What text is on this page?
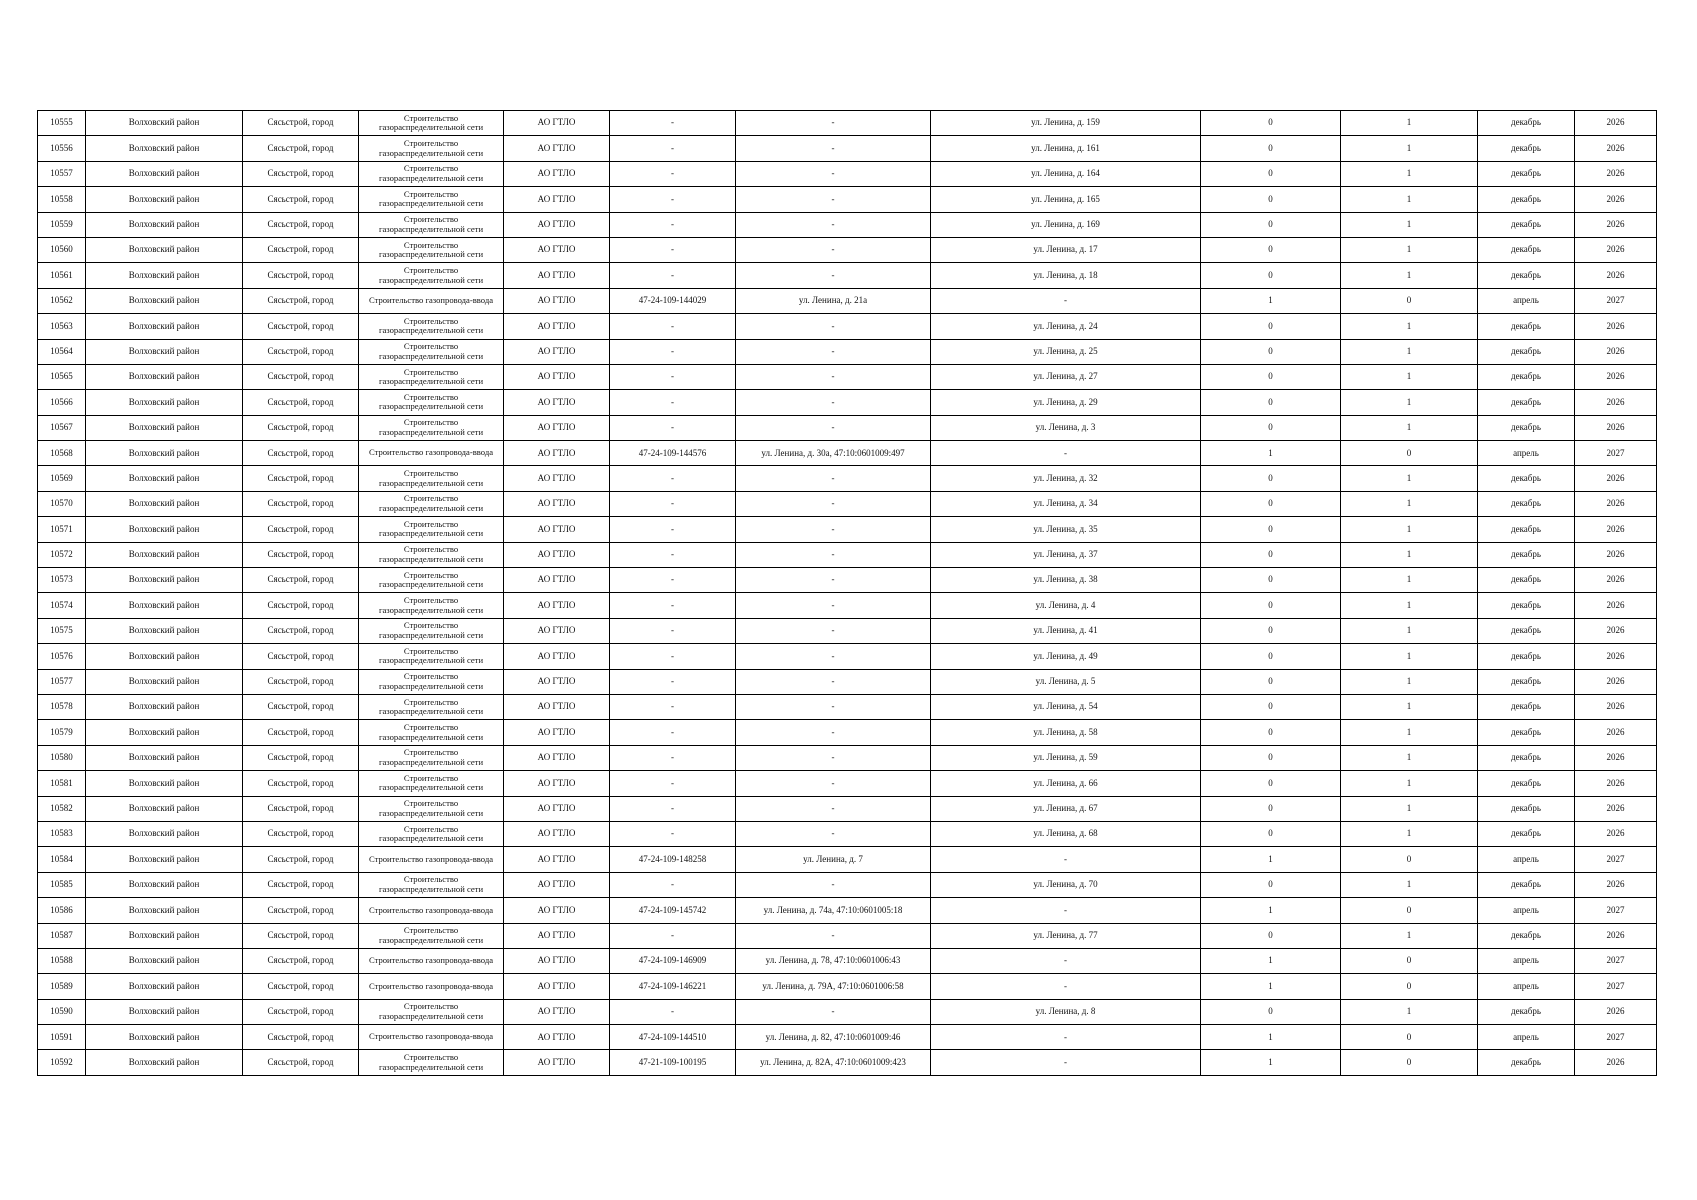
10555	Волховский район	Сясьстрой, город	Строительство газораспределительной сети	АО ГТЛО	-	-	ул. Ленина, д. 159	0	1	декабрь	2026
10556	Волховский район	Сясьстрой, город	Строительство газораспределительной сети	АО ГТЛО	-	-	ул. Ленина, д. 161	0	1	декабрь	2026
10557	Волховский район	Сясьстрой, город	Строительство газораспределительной сети	АО ГТЛО	-	-	ул. Ленина, д. 164	0	1	декабрь	2026
10558	Волховский район	Сясьстрой, город	Строительство газораспределительной сети	АО ГТЛО	-	-	ул. Ленина, д. 165	0	1	декабрь	2026
10559	Волховский район	Сясьстрой, город	Строительство газораспределительной сети	АО ГТЛО	-	-	ул. Ленина, д. 169	0	1	декабрь	2026
10560	Волховский район	Сясьстрой, город	Строительство газораспределительной сети	АО ГТЛО	-	-	ул. Ленина, д. 17	0	1	декабрь	2026
10561	Волховский район	Сясьстрой, город	Строительство газораспределительной сети	АО ГТЛО	-	-	ул. Ленина, д. 18	0	1	декабрь	2026
10562	Волховский район	Сясьстрой, город	Строительство газопровода-ввода	АО ГТЛО	47-24-109-144029	ул. Ленина, д. 21а	-	1	0	апрель	2027
10563	Волховский район	Сясьстрой, город	Строительство газораспределительной сети	АО ГТЛО	-	-	ул. Ленина, д. 24	0	1	декабрь	2026
10564	Волховский район	Сясьстрой, город	Строительство газораспределительной сети	АО ГТЛО	-	-	ул. Ленина, д. 25	0	1	декабрь	2026
10565	Волховский район	Сясьстрой, город	Строительство газораспределительной сети	АО ГТЛО	-	-	ул. Ленина, д. 27	0	1	декабрь	2026
10566	Волховский район	Сясьстрой, город	Строительство газораспределительной сети	АО ГТЛО	-	-	ул. Ленина, д. 29	0	1	декабрь	2026
10567	Волховский район	Сясьстрой, город	Строительство газораспределительной сети	АО ГТЛО	-	-	ул. Ленина, д. 3	0	1	декабрь	2026
10568	Волховский район	Сясьстрой, город	Строительство газопровода-ввода	АО ГТЛО	47-24-109-144576	ул. Ленина, д. 30а, 47:10:0601009:497	-	1	0	апрель	2027
10569	Волховский район	Сясьстрой, город	Строительство газораспределительной сети	АО ГТЛО	-	-	ул. Ленина, д. 32	0	1	декабрь	2026
10570	Волховский район	Сясьстрой, город	Строительство газораспределительной сети	АО ГТЛО	-	-	ул. Ленина, д. 34	0	1	декабрь	2026
10571	Волховский район	Сясьстрой, город	Строительство газораспределительной сети	АО ГТЛО	-	-	ул. Ленина, д. 35	0	1	декабрь	2026
10572	Волховский район	Сясьстрой, город	Строительство газораспределительной сети	АО ГТЛО	-	-	ул. Ленина, д. 37	0	1	декабрь	2026
10573	Волховский район	Сясьстрой, город	Строительство газораспределительной сети	АО ГТЛО	-	-	ул. Ленина, д. 38	0	1	декабрь	2026
10574	Волховский район	Сясьстрой, город	Строительство газораспределительной сети	АО ГТЛО	-	-	ул. Ленина, д. 4	0	1	декабрь	2026
10575	Волховский район	Сясьстрой, город	Строительство газораспределительной сети	АО ГТЛО	-	-	ул. Ленина, д. 41	0	1	декабрь	2026
10576	Волховский район	Сясьстрой, город	Строительство газораспределительной сети	АО ГТЛО	-	-	ул. Ленина, д. 49	0	1	декабрь	2026
10577	Волховский район	Сясьстрой, город	Строительство газораспределительной сети	АО ГТЛО	-	-	ул. Ленина, д. 5	0	1	декабрь	2026
10578	Волховский район	Сясьстрой, город	Строительство газораспределительной сети	АО ГТЛО	-	-	ул. Ленина, д. 54	0	1	декабрь	2026
10579	Волховский район	Сясьстрой, город	Строительство газораспределительной сети	АО ГТЛО	-	-	ул. Ленина, д. 58	0	1	декабрь	2026
10580	Волховский район	Сясьстрой, город	Строительство газораспределительной сети	АО ГТЛО	-	-	ул. Ленина, д. 59	0	1	декабрь	2026
10581	Волховский район	Сясьстрой, город	Строительство газораспределительной сети	АО ГТЛО	-	-	ул. Ленина, д. 66	0	1	декабрь	2026
10582	Волховский район	Сясьстрой, город	Строительство газораспределительной сети	АО ГТЛО	-	-	ул. Ленина, д. 67	0	1	декабрь	2026
10583	Волховский район	Сясьстрой, город	Строительство газораспределительной сети	АО ГТЛО	-	-	ул. Ленина, д. 68	0	1	декабрь	2026
10584	Волховский район	Сясьстрой, город	Строительство газопровода-ввода	АО ГТЛО	47-24-109-148258	ул. Ленина, д. 7	-	1	0	апрель	2027
10585	Волховский район	Сясьстрой, город	Строительство газораспределительной сети	АО ГТЛО	-	-	ул. Ленина, д. 70	0	1	декабрь	2026
10586	Волховский район	Сясьстрой, город	Строительство газопровода-ввода	АО ГТЛО	47-24-109-145742	ул. Ленина, д. 74а, 47:10:0601005:18	-	1	0	апрель	2027
10587	Волховский район	Сясьстрой, город	Строительство газораспределительной сети	АО ГТЛО	-	-	ул. Ленина, д. 77	0	1	декабрь	2026
10588	Волховский район	Сясьстрой, город	Строительство газопровода-ввода	АО ГТЛО	47-24-109-146909	ул. Ленина, д. 78, 47:10:0601006:43	-	1	0	апрель	2027
10589	Волховский район	Сясьстрой, город	Строительство газопровода-ввода	АО ГТЛО	47-24-109-146221	ул. Ленина, д. 79А, 47:10:0601006:58	-	1	0	апрель	2027
10590	Волховский район	Сясьстрой, город	Строительство газораспределительной сети	АО ГТЛО	-	-	ул. Ленина, д. 8	0	1	декабрь	2026
10591	Волховский район	Сясьстрой, город	Строительство газопровода-ввода	АО ГТЛО	47-24-109-144510	ул. Ленина, д. 82, 47:10:0601009:46	-	1	0	апрель	2027
10592	Волховский район	Сясьстрой, город	Строительство газораспределительной сети	АО ГТЛО	47-21-109-100195	ул. Ленина, д. 82А, 47:10:0601009:423	-	1	0	декабрь	2026
